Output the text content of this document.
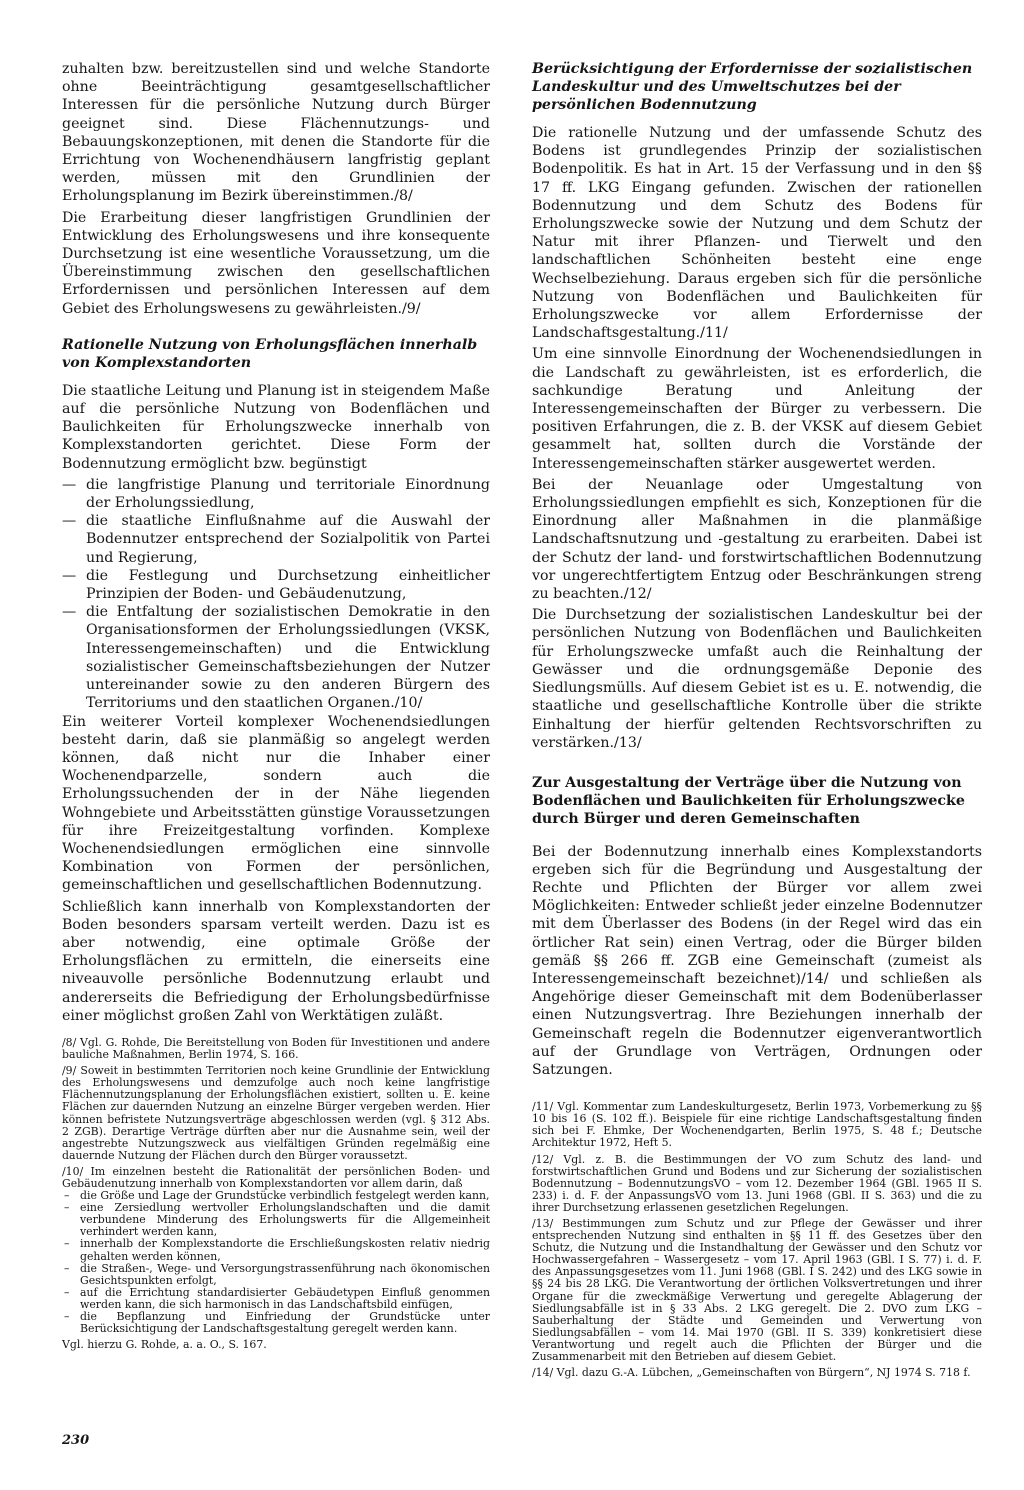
zuhalten bzw. bereitzustellen sind und welche Standorte ohne Beeinträchtigung gesamtgesellschaftlicher Interessen für die persönliche Nutzung durch Bürger geeignet sind. Diese Flächennutzungs- und Bebauungskonzeptionen, mit denen die Standorte für die Errichtung von Wochenendhäusern langfristig geplant werden, müssen mit den Grundlinien der Erholungsplanung im Bezirk übereinstimmen./8/

Die Erarbeitung dieser langfristigen Grundlinien der Entwicklung des Erholungswesens und ihre konsequente Durchsetzung ist eine wesentliche Voraussetzung, um die Übereinstimmung zwischen den gesellschaftlichen Erfordernissen und persönlichen Interessen auf dem Gebiet des Erholungswesens zu gewährleisten./9/

Rationelle Nutzung von Erholungsflächen innerhalb von Komplexstandorten

Die staatliche Leitung und Planung ist in steigendem Maße auf die persönliche Nutzung von Bodenflächen und Baulichkeiten für Erholungszwecke innerhalb von Komplexstandorten gerichtet. Diese Form der Bodennutzung ermöglicht bzw. begünstigt

— die langfristige Planung und territoriale Einordnung der Erholungssiedlung,
— die staatliche Einflußnahme auf die Auswahl der Bodennutzer entsprechend der Sozialpolitik von Partei und Regierung,
— die Festlegung und Durchsetzung einheitlicher Prinzipien der Boden- und Gebäudenutzung,
— die Entfaltung der sozialistischen Demokratie in den Organisationsformen der Erholungssiedlungen (VKSK, Interessengemeinschaften) und die Entwicklung sozialistischer Gemeinschaftsbeziehungen der Nutzer untereinander sowie zu den anderen Bürgern des Territoriums und den staatlichen Organen./10/

Ein weiterer Vorteil komplexer Wochenendsiedlungen besteht darin, daß sie planmäßig so angelegt werden können, daß nicht nur die Inhaber einer Wochenendparzelle, sondern auch die Erholungssuchenden der in der Nähe liegenden Wohngebiete und Arbeitsstätten günstige Voraussetzungen für ihre Freizeitgestaltung vorfinden. Komplexe Wochenendsiedlungen ermöglichen eine sinnvolle Kombination von Formen der persönlichen, gemeinschaftlichen und gesellschaftlichen Bodennutzung.

Schließlich kann innerhalb von Komplexstandorten der Boden besonders sparsam verteilt werden. Dazu ist es aber notwendig, eine optimale Größe der Erholungsflächen zu ermitteln, die einerseits eine niveauvolle persönliche Bodennutzung erlaubt und andererseits die Befriedigung der Erholungsbedürfnisse einer möglichst großen Zahl von Werktätigen zuläßt.

/8/ Vgl. G. Rohde, Die Bereitstellung von Boden für Investitionen und andere bauliche Maßnahmen, Berlin 1974, S. 166.

/9/ Soweit in bestimmten Territorien noch keine Grundlinie der Entwicklung des Erholungswesens und demzufolge auch noch keine langfristige Flächennutzungsplanung der Erholungsflächen existiert, sollten u. E. keine Flächen zur dauernden Nutzung an einzelne Bürger vergeben werden. Hier können befristete Nutzungsverträge abgeschlossen werden (vgl. § 312 Abs. 2 ZGB). Derartige Verträge dürften aber nur die Ausnahme sein, weil der angestrebte Nutzungszweck aus vielfältigen Gründen regelmäßig eine dauernde Nutzung der Flächen durch den Bürger voraussetzt.

/10/ Im einzelnen besteht die Rationalität der persönlichen Boden- und Gebäudenutzung innerhalb von Komplexstandorten vor allem darin, daß

– die Größe und Lage der Grundstücke verbindlich festgelegt werden kann,
– eine Zersiedlung wertvoller Erholungslandschaften und die damit verbundene Minderung des Erholungswerts für die Allgemeinheit verhindert werden kann,
– innerhalb der Komplexstandorte die Erschließungskosten relativ niedrig gehalten werden können,
– die Straßen-, Wege- und Versorgungstrassenführung nach ökonomischen Gesichtspunkten erfolgt,
– auf die Errichtung standardisierter Gebäudetypen Einfluß genommen werden kann, die sich harmonisch in das Landschaftsbild einfügen,
– die Bepflanzung und Einfriedung der Grundstücke unter Berücksichtigung der Landschaftsgestaltung geregelt werden kann.

Vgl. hierzu G. Rohde, a. a. O., S. 167.

Berücksichtigung der Erfordernisse der sozialistischen Landeskultur und des Umweltschutzes bei der persönlichen Bodennutzung

Die rationelle Nutzung und der umfassende Schutz des Bodens ist grundlegendes Prinzip der sozialistischen Bodenpolitik. Es hat in Art. 15 der Verfassung und in den §§ 17 ff. LKG Eingang gefunden. Zwischen der rationellen Bodennutzung und dem Schutz des Bodens für Erholungszwecke sowie der Nutzung und dem Schutz der Natur mit ihrer Pflanzen- und Tierwelt und den landschaftlichen Schönheiten besteht eine enge Wechselbeziehung. Daraus ergeben sich für die persönliche Nutzung von Bodenflächen und Baulichkeiten für Erholungszwecke vor allem Erfordernisse der Landschaftsgestaltung./11/

Um eine sinnvolle Einordnung der Wochenendsiedlungen in die Landschaft zu gewährleisten, ist es erforderlich, die sachkundige Beratung und Anleitung der Interessengemeinschaften der Bürger zu verbessern. Die positiven Erfahrungen, die z. B. der VKSK auf diesem Gebiet gesammelt hat, sollten durch die Vorstände der Interessengemeinschaften stärker ausgewertet werden.

Bei der Neuanlage oder Umgestaltung von Erholungssiedlungen empfiehlt es sich, Konzeptionen für die Einordnung aller Maßnahmen in die planmäßige Landschaftsnutzung und -gestaltung zu erarbeiten. Dabei ist der Schutz der land- und forstwirtschaftlichen Bodennutzung vor ungerechtfertigtem Entzug oder Beschränkungen streng zu beachten./12/

Die Durchsetzung der sozialistischen Landeskultur bei der persönlichen Nutzung von Bodenflächen und Baulichkeiten für Erholungszwecke umfaßt auch die Reinhaltung der Gewässer und die ordnungsgemäße Deponie des Siedlungsmülls. Auf diesem Gebiet ist es u. E. notwendig, die staatliche und gesellschaftliche Kontrolle über die strikte Einhaltung der hierfür geltenden Rechtsvorschriften zu verstärken./13/

Zur Ausgestaltung der Verträge über die Nutzung von Bodenflächen und Baulichkeiten für Erholungszwecke durch Bürger und deren Gemeinschaften

Bei der Bodennutzung innerhalb eines Komplexstandorts ergeben sich für die Begründung und Ausgestaltung der Rechte und Pflichten der Bürger vor allem zwei Möglichkeiten: Entweder schließt jeder einzelne Bodennutzer mit dem Überlasser des Bodens (in der Regel wird das ein örtlicher Rat sein) einen Vertrag, oder die Bürger bilden gemäß §§ 266 ff. ZGB eine Gemeinschaft (zumeist als Interessengemeinschaft bezeichnet)/14/ und schließen als Angehörige dieser Gemeinschaft mit dem Bodenüberlasser einen Nutzungsvertrag. Ihre Beziehungen innerhalb der Gemeinschaft regeln die Bodennutzer eigenverantwortlich auf der Grundlage von Verträgen, Ordnungen oder Satzungen.

/11/ Vgl. Kommentar zum Landeskulturgesetz, Berlin 1973, Vorbemerkung zu §§ 10 bis 16 (S. 102 ff.). Beispiele für eine richtige Landschaftsgestaltung finden sich bei F. Ehmke, Der Wochenendgarten, Berlin 1975, S. 48 f.; Deutsche Architektur 1972, Heft 5.

/12/ Vgl. z. B. die Bestimmungen der VO zum Schutz des land- und forstwirtschaftlichen Grund und Bodens und zur Sicherung der sozialistischen Bodennutzung – BodennutzungsVO – vom 12. Dezember 1964 (GBl. 1965 II S. 233) i. d. F. der AnpassungsVO vom 13. Juni 1968 (GBl. II S. 363) und die zu ihrer Durchsetzung erlassenen gesetzlichen Regelungen.

/13/ Bestimmungen zum Schutz und zur Pflege der Gewässer und ihrer entsprechenden Nutzung sind enthalten in §§ 11 ff. des Gesetzes über den Schutz, die Nutzung und die Instandhaltung der Gewässer und den Schutz vor Hochwassergefahren – Wassergesetz – vom 17. April 1963 (GBl. I S. 77) i. d. F. des Anpassungsgesetzes vom 11. Juni 1968 (GBl. I S. 242) und des LKG sowie in §§ 24 bis 28 LKG. Die Verantwortung der örtlichen Volksvertretungen und ihrer Organe für die zweckmäßige Verwertung und geregelte Ablagerung der Siedlungsabfälle ist in § 33 Abs. 2 LKG geregelt. Die 2. DVO zum LKG – Sauberhaltung der Städte und Gemeinden und Verwertung von Siedlungsabfällen – vom 14. Mai 1970 (GBl. II S. 339) konkretisiert diese Verantwortung und regelt auch die Pflichten der Bürger und die Zusammenarbeit mit den Betrieben auf diesem Gebiet.

/14/ Vgl. dazu G.-A. Lübchen, „Gemeinschaften von Bürgern“, NJ 1974 S. 718 f.

230
